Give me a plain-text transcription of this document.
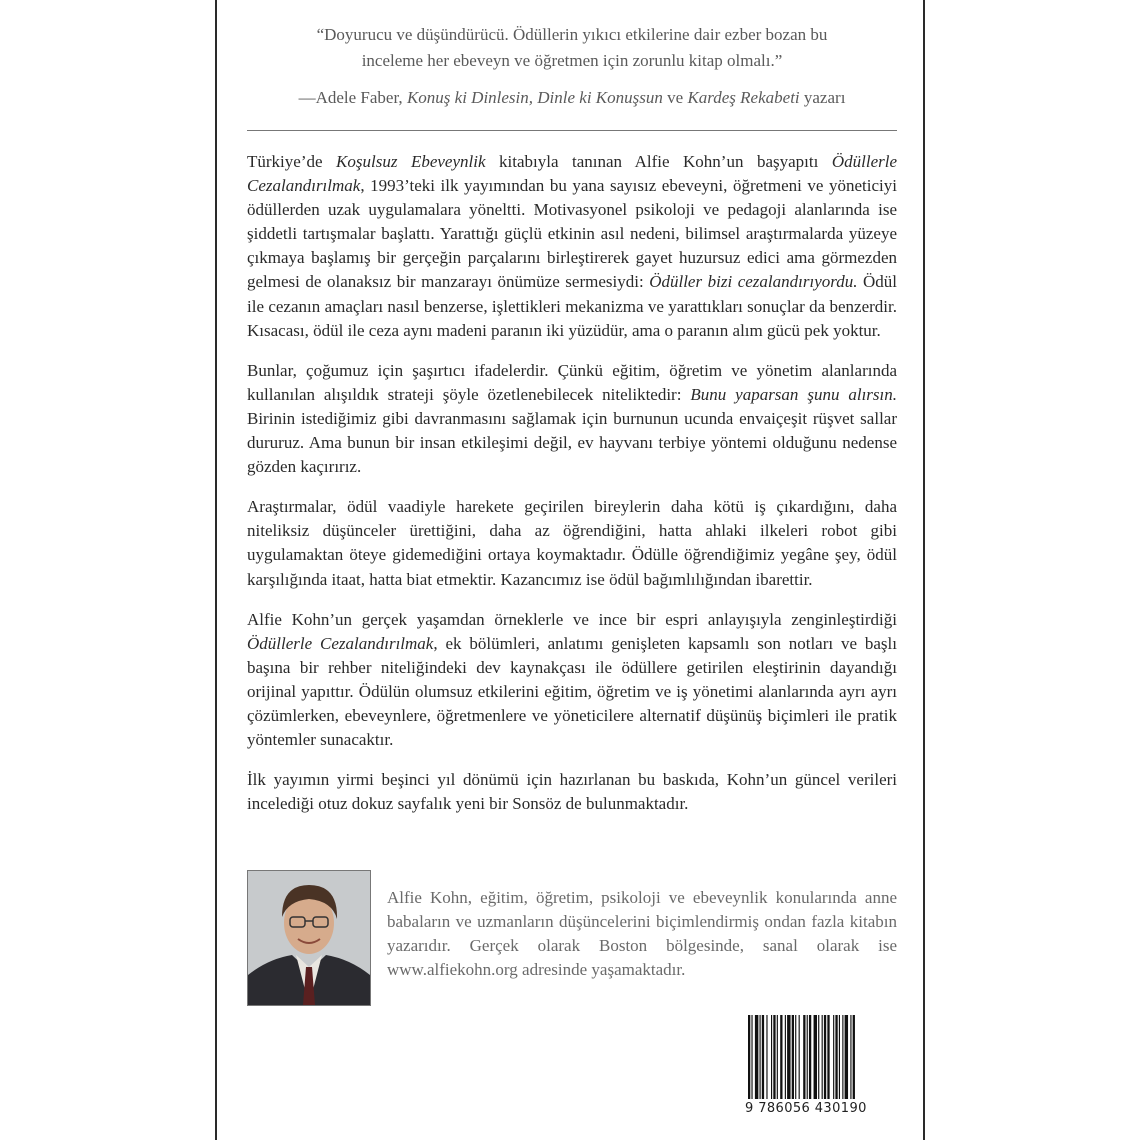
“Doyurucu ve düşündürücü. Ödüllerin yıkıcı etkilerine dair ezber bozan bu
inceleme her ebeveyn ve öğretmen için zorunlu kitap olmalı.”
—Adele Faber, Konuş ki Dinlesin, Dinle ki Konuşsun ve Kardeş Rekabeti yazarı

Türkiye’de Koşulsuz Ebeveynlik kitabıyla tanınan Alfie Kohn’un başyapıtı Ödüllerle Cezalandırılmak, 1993’teki ilk yayımından bu yana sayısız ebeveyni, öğretmeni ve yöneticiyi ödüllerden uzak uygulamalara yöneltti. Motivasyonel psikoloji ve pedagoji alanlarında ise şiddetli tartışmalar başlattı. Yarattığı güçlü etkinin asıl nedeni, bilimsel araştırmalarda yüzeye çıkmaya başlamış bir gerçeğin parçalarını birleştirerek gayet huzursuz edici ama görmezden gelmesi de olanaksız bir manzarayı önümüze sermesiydi: Ödüller bizi cezalandırıyordu. Ödül ile cezanın amaçları nasıl benzerse, işlettikleri mekanizma ve yarattıkları sonuçlar da benzerdir. Kısacası, ödül ile ceza aynı madeni paranın iki yüzüdür, ama o paranın alım gücü pek yoktur.

Bunlar, çoğumuz için şaşırtıcı ifadelerdir. Çünkü eğitim, öğretim ve yönetim alanlarında kullanılan alışıldık strateji şöyle özetlenebilecek niteliktedir: Bunu yaparsan şunu alırsın. Birinin istediğimiz gibi davranmasını sağlamak için burnunun ucunda envaiçeşit rüşvet sallar dururuz. Ama bunun bir insan etkileşimi değil, ev hayvanı terbiye yöntemi olduğunu nedense gözden kaçırırız.

Araştırmalar, ödül vaadiyle harekete geçirilen bireylerin daha kötü iş çıkardığını, daha niteliksiz düşünceler ürettiğini, daha az öğrendiğini, hatta ahlaki ilkeleri robot gibi uygulamaktan öteye gidemediğini ortaya koymaktadır. Ödülle öğrendiğimiz yegâne şey, ödül karşılığında itaat, hatta biat etmektir. Kazancımız ise ödül bağımlılığından ibarettir.

Alfie Kohn’un gerçek yaşamdan örneklerle ve ince bir espri anlayışıyla zenginleştirdiği Ödüllerle Cezalandırılmak, ek bölümleri, anlatımı genişleten kapsamlı son notları ve başlı başına bir rehber niteliğindeki dev kaynakçası ile ödüllere getirilen eleştirinin dayandığı orijinal yapıttır. Ödülün olumsuz etkilerini eğitim, öğretim ve iş yönetimi alanlarında ayrı ayrı çözümlerken, ebeveynlere, öğretmenlere ve yöneticilere alternatif düşünüş biçimleri ile pratik yöntemler sunacaktır.

İlk yayımın yirmi beşinci yıl dönümü için hazırlanan bu baskıda, Kohn’un güncel verileri incelediği otuz dokuz sayfalık yeni bir Sonsöz de bulunmaktadır.

Alfie Kohn, eğitim, öğretim, psikoloji ve ebeveynlik konularında anne babaların ve uzmanların düşüncelerini biçimlendirmiş ondan fazla kitabın yazarıdır. Gerçek olarak Boston bölgesinde, sanal olarak ise www.alfiekohn.org adresinde yaşamaktadır.
9 786056 430190
